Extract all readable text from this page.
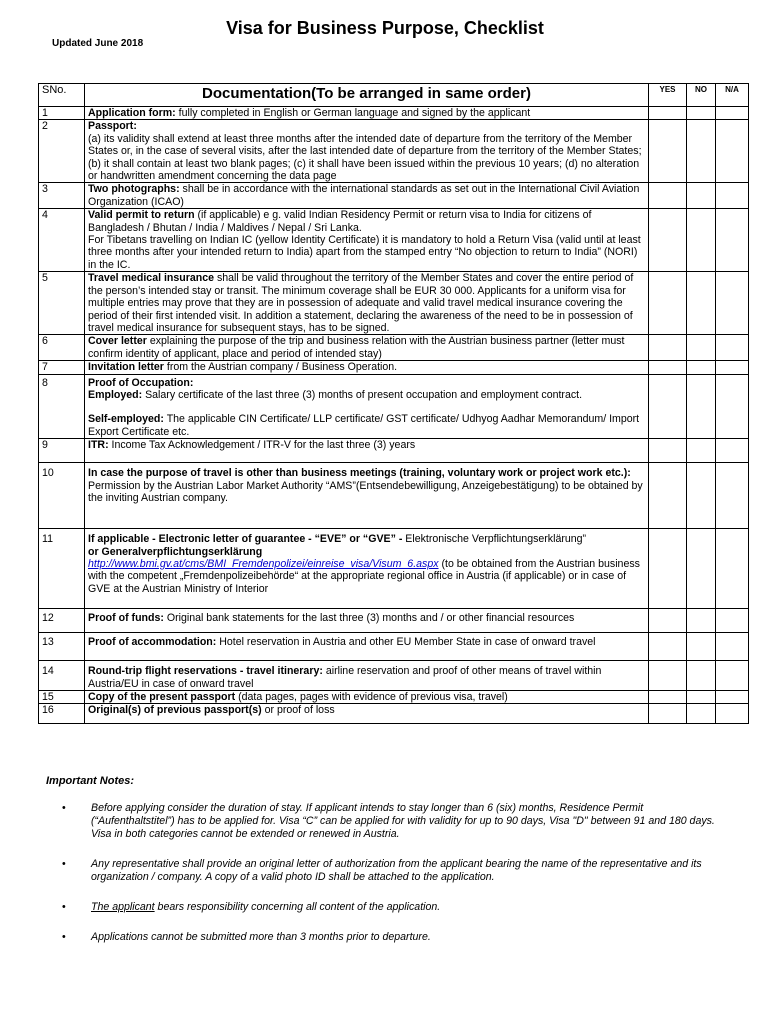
Visa for Business Purpose, Checklist
Updated June 2018
SNo.	Documentation(To be arranged in same order)	YES	NO	N/A
1	Application form: fully completed in English or German language and signed by the applicant			
2	Passport:
(a) its validity shall extend at least three months after the intended date of departure from the territory of the Member States or, in the case of several visits, after the last intended date of departure from the territory of the Member States; (b) it shall contain at least two blank pages; (c) it shall have been issued within the previous 10 years; (d) no alteration or handwritten amendment concerning the data page			
3	Two photographs: shall be in accordance with the international standards as set out in the International Civil Aviation Organization (ICAO)			
4	Valid permit to return (if applicable) e g. valid Indian Residency Permit or return visa to India for citizens of Bangladesh / Bhutan / India / Maldives / Nepal / Sri Lanka.
For Tibetans travelling on Indian IC (yellow Identity Certificate) it is mandatory to hold a Return Visa (valid until at least three months after your intended return to India) apart from the stamped entry “No objection to return to India” (NORI) in the IC.			
5	Travel medical insurance shall be valid throughout the territory of the Member States and cover the entire period of the person’s intended stay or transit. The minimum coverage shall be EUR 30 000. Applicants for a uniform visa for multiple entries may prove that they are in possession of adequate and valid travel medical insurance covering the period of their first intended visit. In addition a statement, declaring the awareness of the need to be in possession of travel medical insurance for subsequent stays, has to be signed.			
6	Cover letter explaining the purpose of the trip and business relation with the Austrian business partner (letter must confirm identity of applicant, place and period of intended stay)			
7	Invitation letter from the Austrian company / Business Operation.			
8	Proof of Occupation:
Employed: Salary certificate of the last three (3) months of present occupation and employment contract.
Self-employed: The applicable CIN Certificate/ LLP certificate/ GST certificate/ Udhyog Aadhar Memorandum/ Import Export Certificate etc.			
9	ITR: Income Tax Acknowledgement / ITR-V for the last three (3) years			
10	In case the purpose of travel is other than business meetings (training, voluntary work or project work etc.):
Permission by the Austrian Labor Market Authority “AMS”(Entsendebewilligung, Anzeigebestätigung) to be obtained by the inviting Austrian company.			
11	If applicable - Electronic letter of guarantee - “EVE” or “GVE” - Elektronische Verpflichtungserklärung”
or Generalverpflichtungserklärung
http://www.bmi.gv.at/cms/BMI_Fremdenpolizei/einreise_visa/Visum_6.aspx (to be obtained from the Austrian business with the competent „Fremdenpolizeibehörde“ at the appropriate regional office in Austria (if applicable) or in case of GVE at the Austrian Ministry of Interior			
12	Proof of funds: Original bank statements for the last three (3) months and / or other financial resources			
13	Proof of accommodation: Hotel reservation in Austria and other EU Member State in case of onward travel			
14	Round-trip flight reservations - travel itinerary: airline reservation and proof of other means of travel within Austria/EU in case of onward travel			
15	Copy of the present passport (data pages, pages with evidence of previous visa, travel)			
16	Original(s) of previous passport(s) or proof of loss			
Important Notes:
• Before applying consider the duration of stay. If applicant intends to stay longer than 6 (six) months, Residence Permit (“Aufenthaltstitel”) has to be applied for. Visa “C” can be applied for with validity for up to 90 days, Visa "D" between 91 and 180 days. Visa in both categories cannot be extended or renewed in Austria.
• Any representative shall provide an original letter of authorization from the applicant bearing the name of the representative and its organization / company. A copy of a valid photo ID shall be attached to the application.
• The applicant bears responsibility concerning all content of the application.
• Applications cannot be submitted more than 3 months prior to departure.
